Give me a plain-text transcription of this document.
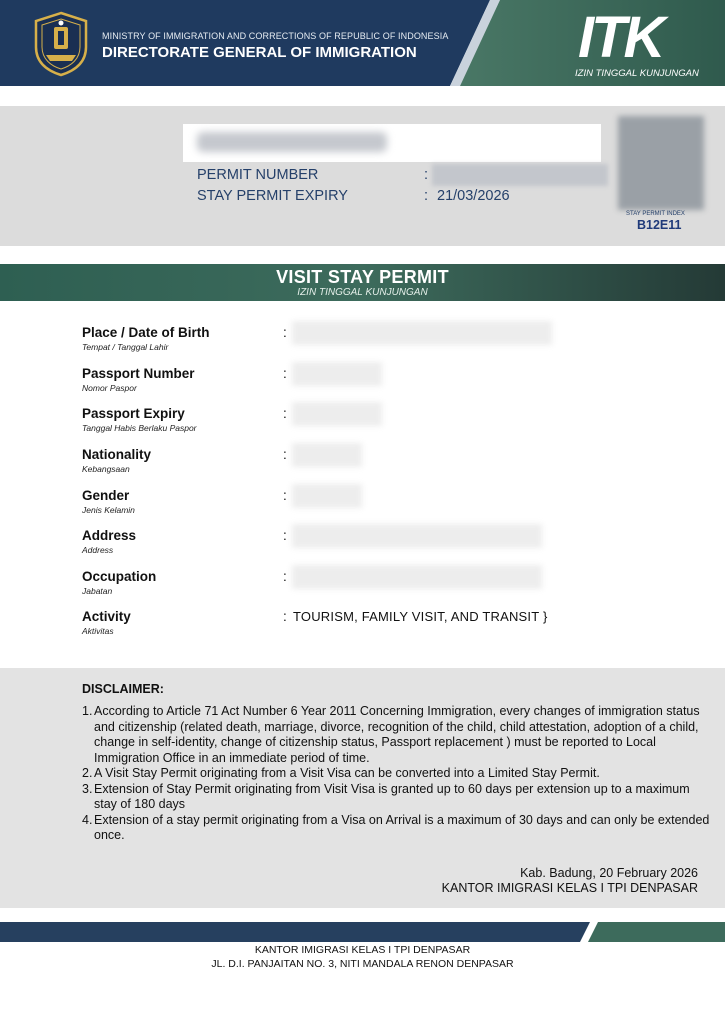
MINISTRY OF IMMIGRATION AND CORRECTIONS OF REPUBLIC OF INDONESIA
DIRECTORATE GENERAL OF IMMIGRATION	ITK
IZIN TINGGAL KUNJUNGAN
PERMIT NUMBER	:
STAY PERMIT EXPIRY	: 21/03/2026
STAY PERMIT INDEX
B12E11
VISIT STAY PERMIT
IZIN TINGGAL KUNJUNGAN
Place / Date of Birth
Tempat / Tanggal Lahir
:
Passport Number
Nomor Paspor
:
Passport Expiry
Tanggal Habis Berlaku Paspor
:
Nationality
Kebangsaan
:
Gender
Jenis Kelamin
:
Address
Address
:
Occupation
Jabatan
:
Activity
Aktivitas
: TOURISM, FAMILY VISIT, AND TRANSIT }
DISCLAIMER:

1. According to Article 71 Act Number 6 Year 2011 Concerning Immigration, every changes of immigration status and citizenship (related death, marriage, divorce, recognition of the child, child attestation, adoption of a child, change in self-identity, change of citizenship status, Passport replacement ) must be reported to Local Immigration Office in an immediate period of time.

2. A Visit Stay Permit originating from a Visit Visa can be converted into a Limited Stay Permit.

3. Extension of Stay Permit originating from Visit Visa is granted up to 60 days per extension up to a maximum stay of 180 days

4. Extension of a stay permit originating from a Visa on Arrival is a maximum of 30 days and can only be extended once.

Kab. Badung, 20 February 2026
KANTOR IMIGRASI KELAS I TPI DENPASAR
KANTOR IMIGRASI KELAS I TPI DENPASAR
JL. D.I. PANJAITAN NO. 3, NITI MANDALA RENON DENPASAR
